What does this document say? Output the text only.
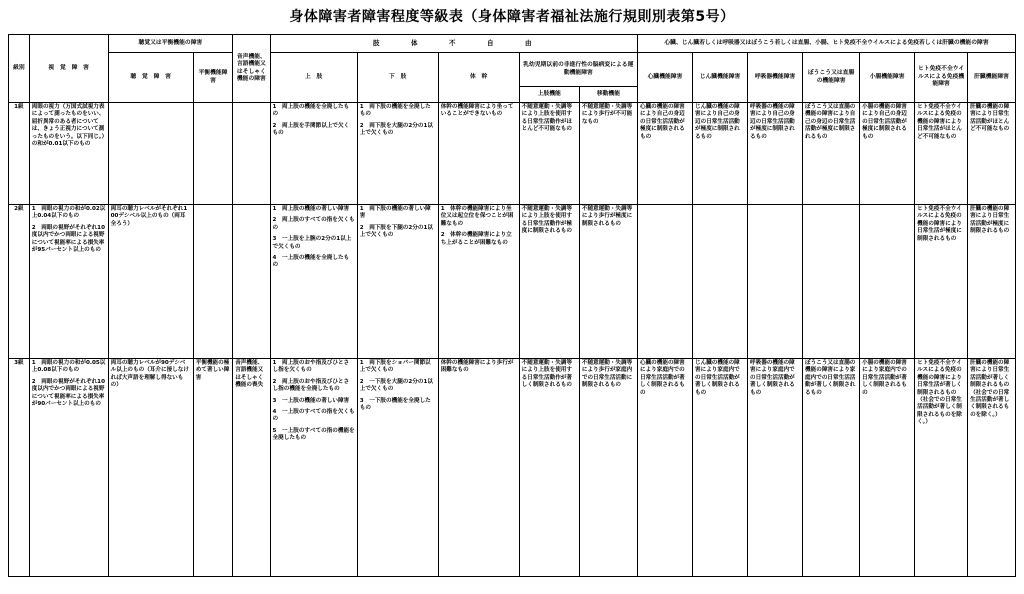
身体障害者障害程度等級表（身体障害者福祉法施行規則別表第5号）
級別	視　覚　障　害	聴覚又は平衡機能の障害		音声機能、言語機能又はそしゃく機能の障害	肢　　　体　　　不　　　自　　　由					心臓、じん臓若しくは呼吸器又はぼうこう若しくは直腸、小腸、ヒト免疫不全ウイルスによる免疫若しくは肝臓の機能の障害						
		聴　覚　障　害	平衡機能障害		上　肢	下　肢	体　幹	乳幼児期以前の非進行性の脳病変による運動機能障害		心臓機能障害	じん臓機能障害	呼吸器機能障害	ぼうこう又は直腸の機能障害	小腸機能障害	ヒト免疫不全ウイルスによる免疫機能障害	肝臓機能障害
								上肢機能	移動機能							
1級	両眼の視力（万国式試視力表によって測ったものをいい、屈折異常のある者については、きょう正視力について測ったものをいう。以下同じ。）の和が0.01以下のもの				1　両上肢の機能を全廃したもの
2　両上肢を手関節以上で欠くもの	1　両下肢の機能を全廃したもの
2　両下肢を大腿の2分の1以上で欠くもの	体幹の機能障害により坐っていることができないもの	不随意運動・失調等により上肢を使用する日常生活動作がほとんど不可能なもの	不随意運動・失調等により歩行が不可能なもの	心臓の機能の障害により自己の身辺の日常生活活動が極度に制限されるもの	じん臓の機能の障害により自己の身辺の日常生活活動が極度に制限されるもの	呼吸器の機能の障害により自己の身辺の日常生活活動が極度に制限されるもの	ぼうこう又は直腸の機能の障害により自己の身辺の日常生活活動が極度に制限されるもの	小腸の機能の障害により自己の身辺の日常生活活動が極度に制限されるもの	ヒト免疫不全ウイルスによる免疫の機能の障害により日常生活がほとんど不可能なもの	肝臓の機能の障害により日常生活活動がほとんど不可能なもの

2級	1　両眼の視力の和が0.02以上0.04以下のもの
2　両眼の視野がそれぞれ10度以内でかつ両眼による視野について視能率による損失率が95パーセント以上のもの	両耳の聴力レベルがそれぞれ100デシベル以上のもの（両耳全ろう）			1　両上肢の機能の著しい障害
2　両上肢のすべての指を欠くもの
3　一上肢を上腕の2分の1以上で欠くもの
4　一上肢の機能を全廃したもの	1　両下肢の機能の著しい障害
2　両下肢を下腿の2分の1以上で欠くもの	1　体幹の機能障害により坐位又は起立位を保つことが困難なもの
2　体幹の機能障害により立ち上がることが困難なもの	不随意運動・失調等により上肢を使用する日常生活動作が極度に制限されるもの	不随意運動・失調等により歩行が極度に制限されるもの						ヒト免疫不全ウイルスによる免疫の機能の障害により日常生活が極度に制限されるもの	肝臓の機能の障害により日常生活活動が極度に制限されるもの

3級	1　両眼の視力の和が0.05以上0.08以下のもの
2　両眼の視野がそれぞれ10度以内でかつ両眼による視野について視能率による損失率が90パーセント以上のもの	両耳の聴力レベルが90デシベル以上のもの（耳介に接しなければ大声語を理解し得ないもの）	平衡機能の極めて著しい障害	音声機能、言語機能又はそしゃく機能の喪失	1　両上肢のおや指及びひとさし指を欠くもの
2　両上肢のおや指及びひとさし指の機能を全廃したもの
3　一上肢の機能の著しい障害
4　一上肢のすべての指を欠くもの
5　一上肢のすべての指の機能を全廃したもの	1　両下肢をショパー関節以上で欠くもの
2　一下肢を大腿の2分の1以上で欠くもの
3　一下肢の機能を全廃したもの	体幹の機能障害により歩行が困難なもの	不随意運動・失調等により上肢を使用する日常生活動作が著しく制限されるもの	不随意運動・失調等により歩行が家庭内での日常生活活動に制限されるもの	心臓の機能の障害により家庭内での日常生活活動が著しく制限されるもの	じん臓の機能の障害により家庭内での日常生活活動が著しく制限されるもの	呼吸器の機能の障害により家庭内での日常生活活動が著しく制限されるもの	ぼうこう又は直腸の機能の障害により家庭内での日常生活活動が著しく制限されるもの	小腸の機能の障害により家庭内での日常生活活動が著しく制限されるもの	ヒト免疫不全ウイルスによる免疫の機能の障害により日常生活が著しく制限されるもの（社会での日常生活活動が著しく制限されるものを除く。）	肝臓の機能の障害により日常生活活動が著しく制限されるもの（社会での日常生活活動が著しく制限されるものを除く。）
